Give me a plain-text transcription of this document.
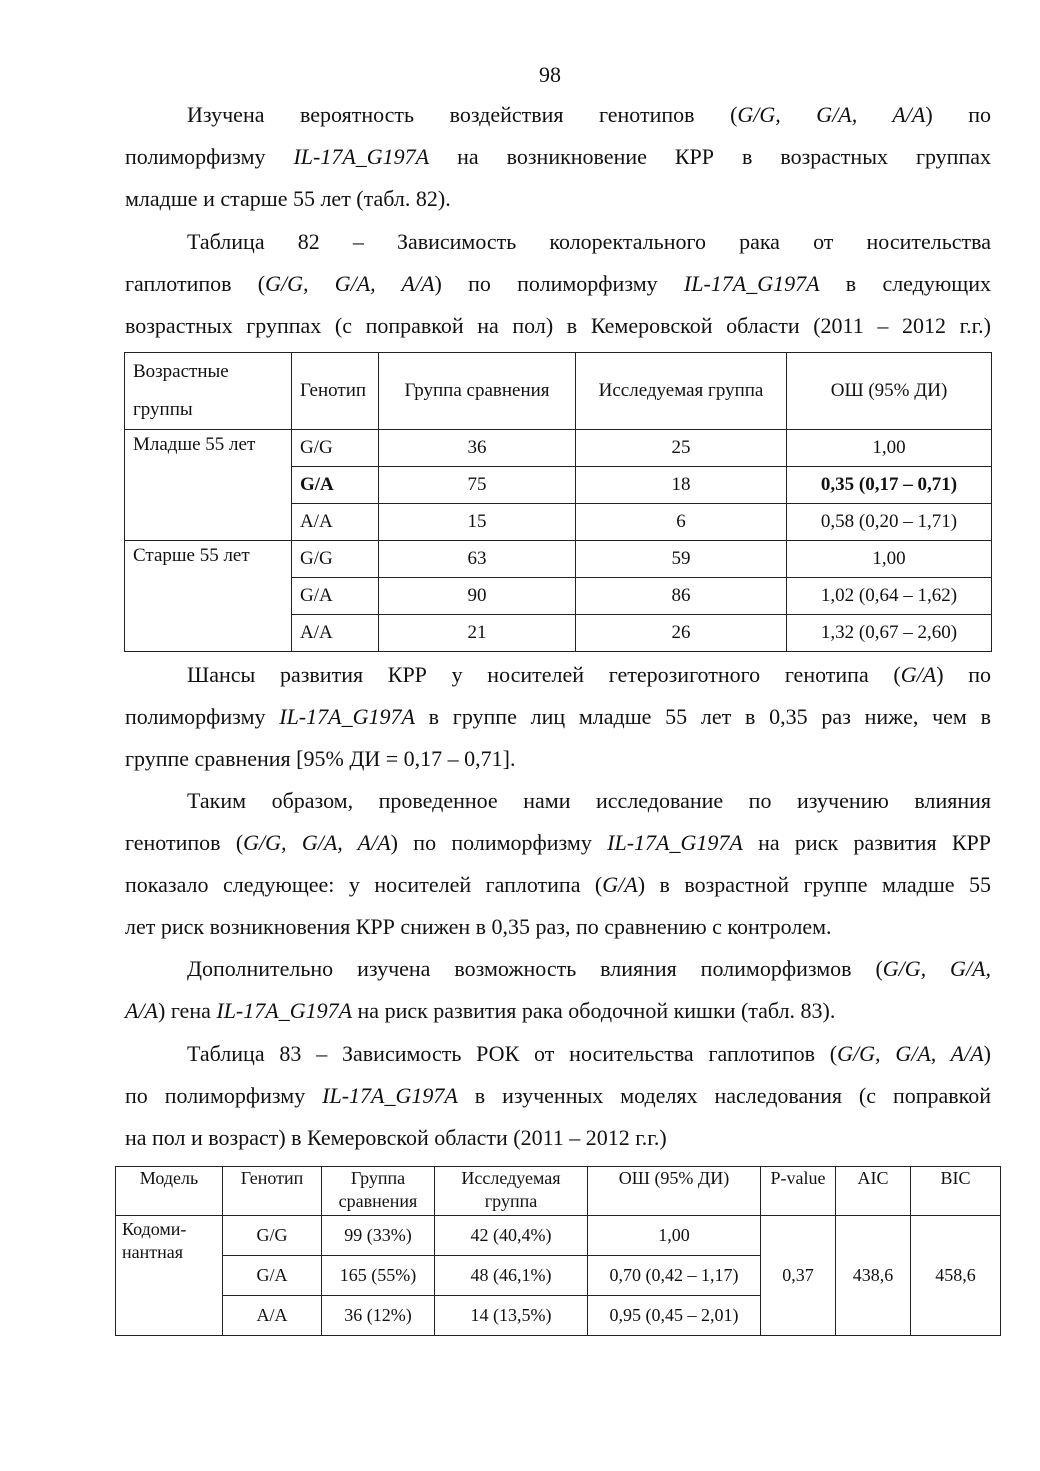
98

Изучена вероятность воздействия генотипов (G/G, G/A, A/A) по

полиморфизму IL-17A_G197A на возникновение КРР в возрастных группах

младше и старше 55 лет (табл. 82).

Таблица 82 – Зависимость колоректального рака от носительства

гаплотипов (G/G, G/A, A/A) по полиморфизму IL-17A_G197A в следующих

возрастных группах (с поправкой на пол) в Кемеровской области (2011 – 2012 г.г.)

Возрастные группы	Генотип	Группа сравнения	Исследуемая группа	ОШ (95% ДИ)
Младше 55 лет	G/G	36	25	1,00
	G/A	75	18	0,35 (0,17 – 0,71)
	A/A	15	6	0,58 (0,20 – 1,71)
Старше 55 лет	G/G	63	59	1,00
	G/A	90	86	1,02 (0,64 – 1,62)
	A/A	21	26	1,32 (0,67 – 2,60)

Шансы развития КРР у носителей гетерозиготного генотипа (G/A) по

полиморфизму IL-17A_G197A в группе лиц младше 55 лет в 0,35 раз ниже, чем в

группе сравнения [95% ДИ = 0,17 – 0,71].

Таким образом, проведенное нами исследование по изучению влияния

генотипов (G/G, G/A, A/A) по полиморфизму IL-17A_G197A на риск развития КРР

показало следующее: у носителей гаплотипа (G/A) в возрастной группе младше 55

лет риск возникновения КРР снижен в 0,35 раз, по сравнению с контролем.

Дополнительно изучена возможность влияния полиморфизмов (G/G, G/A,

A/A) гена IL-17A_G197A на риск развития рака ободочной кишки (табл. 83).

Таблица 83 – Зависимость РОК от носительства гаплотипов (G/G, G/A, A/A)

по полиморфизму IL-17A_G197A в изученных моделях наследования (с поправкой

на пол и возраст) в Кемеровской области (2011 – 2012 г.г.)

Модель	Генотип	Группа сравнения	Исследуемая группа	ОШ (95% ДИ)	P-value	AIC	BIC
Кодоми-нантная	G/G	99 (33%)	42 (40,4%)	1,00	0,37	438,6	458,6
	G/A	165 (55%)	48 (46,1%)	0,70 (0,42 – 1,17)			
	A/A	36 (12%)	14 (13,5%)	0,95 (0,45 – 2,01)			
